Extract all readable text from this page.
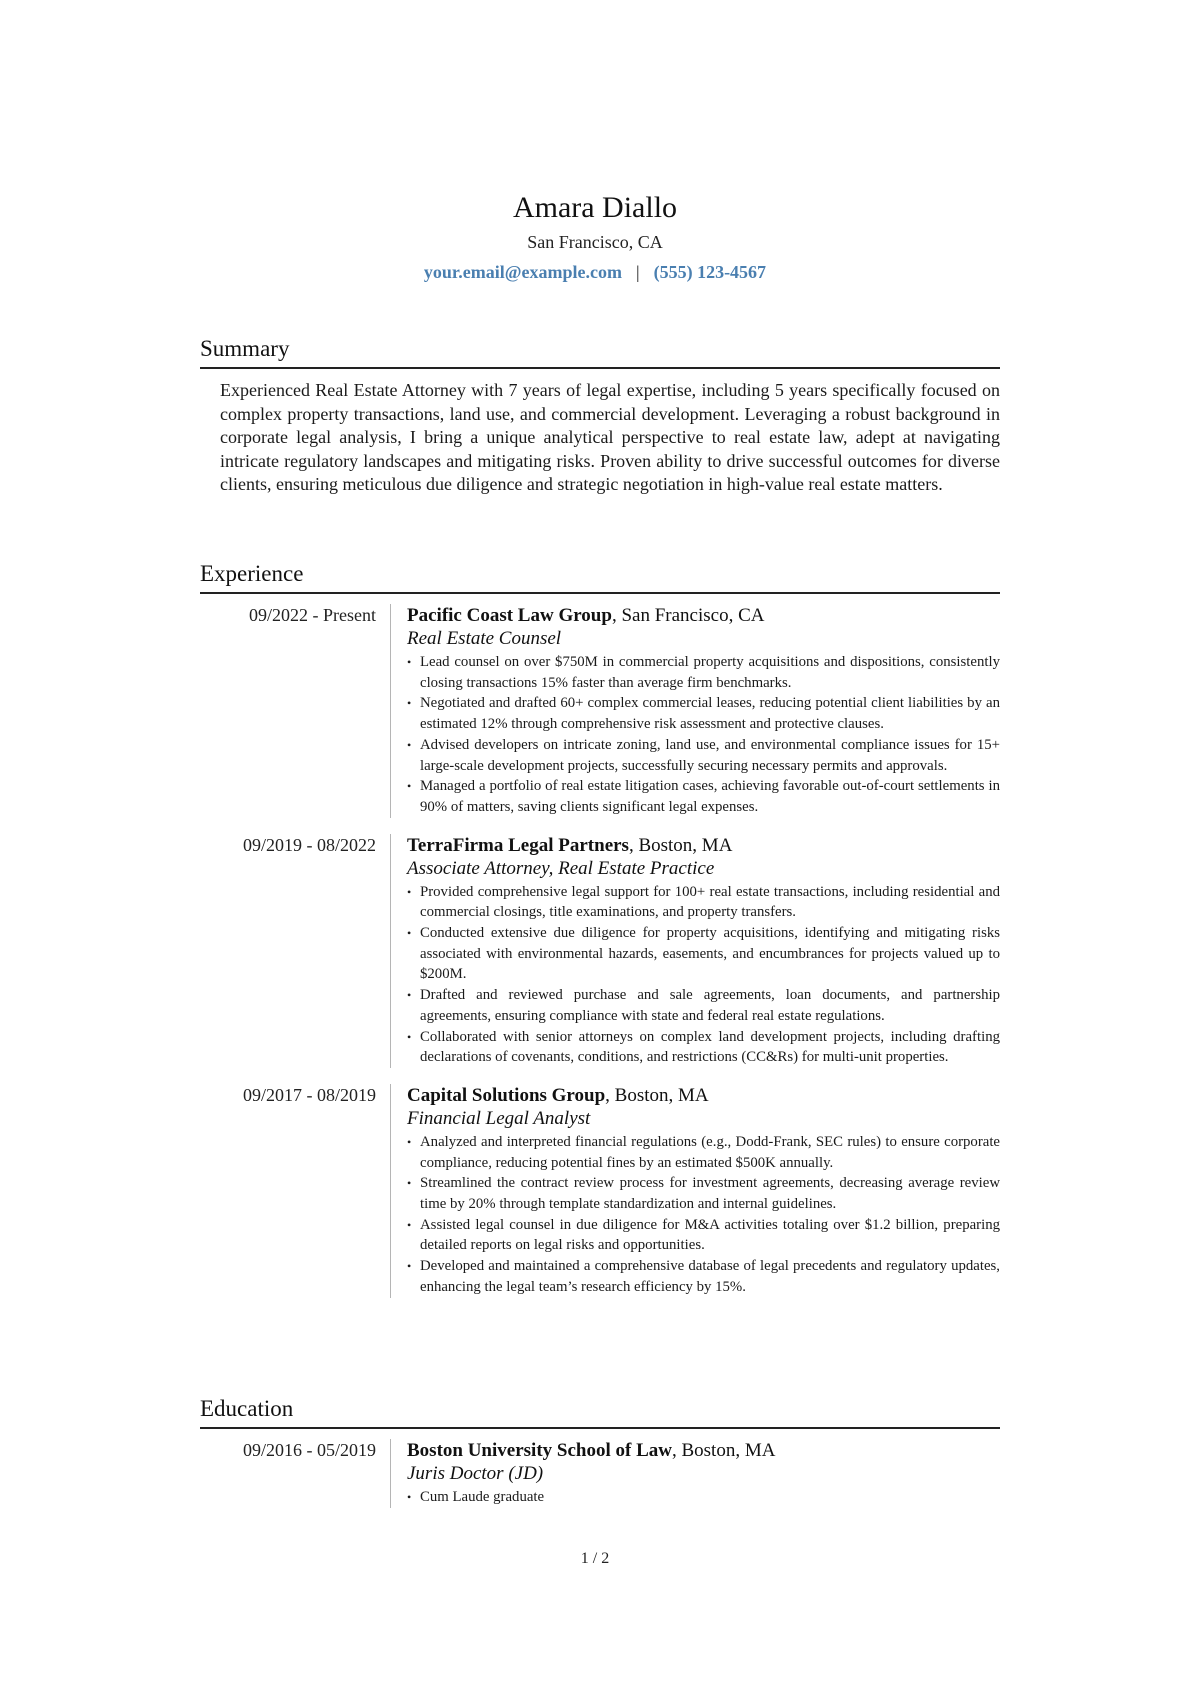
Amara Diallo
San Francisco, CA
your.email@example.com | (555) 123-4567
Summary

Experienced Real Estate Attorney with 7 years of legal expertise, including 5 years specifically focused on complex property transactions, land use, and commercial development. Leveraging a robust background in corporate legal analysis, I bring a unique analytical perspective to real estate law, adept at navigating intricate regulatory landscapes and mitigating risks. Proven ability to drive successful outcomes for diverse clients, ensuring meticulous due diligence and strategic negotiation in high-value real estate matters.

Experience
09/2022 - Present Pacific Coast Law Group, San Francisco, CA
Real Estate Counsel
• Lead counsel on over $750M in commercial property acquisitions and dispositions, consistently closing transactions 15% faster than average firm benchmarks.
• Negotiated and drafted 60+ complex commercial leases, reducing potential client liabilities by an estimated 12% through comprehensive risk assessment and protective clauses.
• Advised developers on intricate zoning, land use, and environmental compliance issues for 15+ large-scale development projects, successfully securing necessary permits and approvals.
• Managed a portfolio of real estate litigation cases, achieving favorable out-of-court settlements in 90% of matters, saving clients significant legal expenses.
09/2019 - 08/2022 TerraFirma Legal Partners, Boston, MA
Associate Attorney, Real Estate Practice
• Provided comprehensive legal support for 100+ real estate transactions, including residential and commercial closings, title examinations, and property transfers.
• Conducted extensive due diligence for property acquisitions, identifying and mitigating risks associated with environmental hazards, easements, and encumbrances for projects valued up to $200M.
• Drafted and reviewed purchase and sale agreements, loan documents, and partnership agreements, ensuring compliance with state and federal real estate regulations.
• Collaborated with senior attorneys on complex land development projects, including drafting declarations of covenants, conditions, and restrictions (CC&Rs) for multi-unit properties.
09/2017 - 08/2019 Capital Solutions Group, Boston, MA
Financial Legal Analyst
• Analyzed and interpreted financial regulations (e.g., Dodd-Frank, SEC rules) to ensure corporate compliance, reducing potential fines by an estimated $500K annually.
• Streamlined the contract review process for investment agreements, decreasing average review time by 20% through template standardization and internal guidelines.
• Assisted legal counsel in due diligence for M&A activities totaling over $1.2 billion, preparing detailed reports on legal risks and opportunities.
• Developed and maintained a comprehensive database of legal precedents and regulatory updates, enhancing the legal team’s research efficiency by 15%.
Education
09/2016 - 05/2019 Boston University School of Law, Boston, MA
Juris Doctor (JD)
• Cum Laude graduate
1 / 2
